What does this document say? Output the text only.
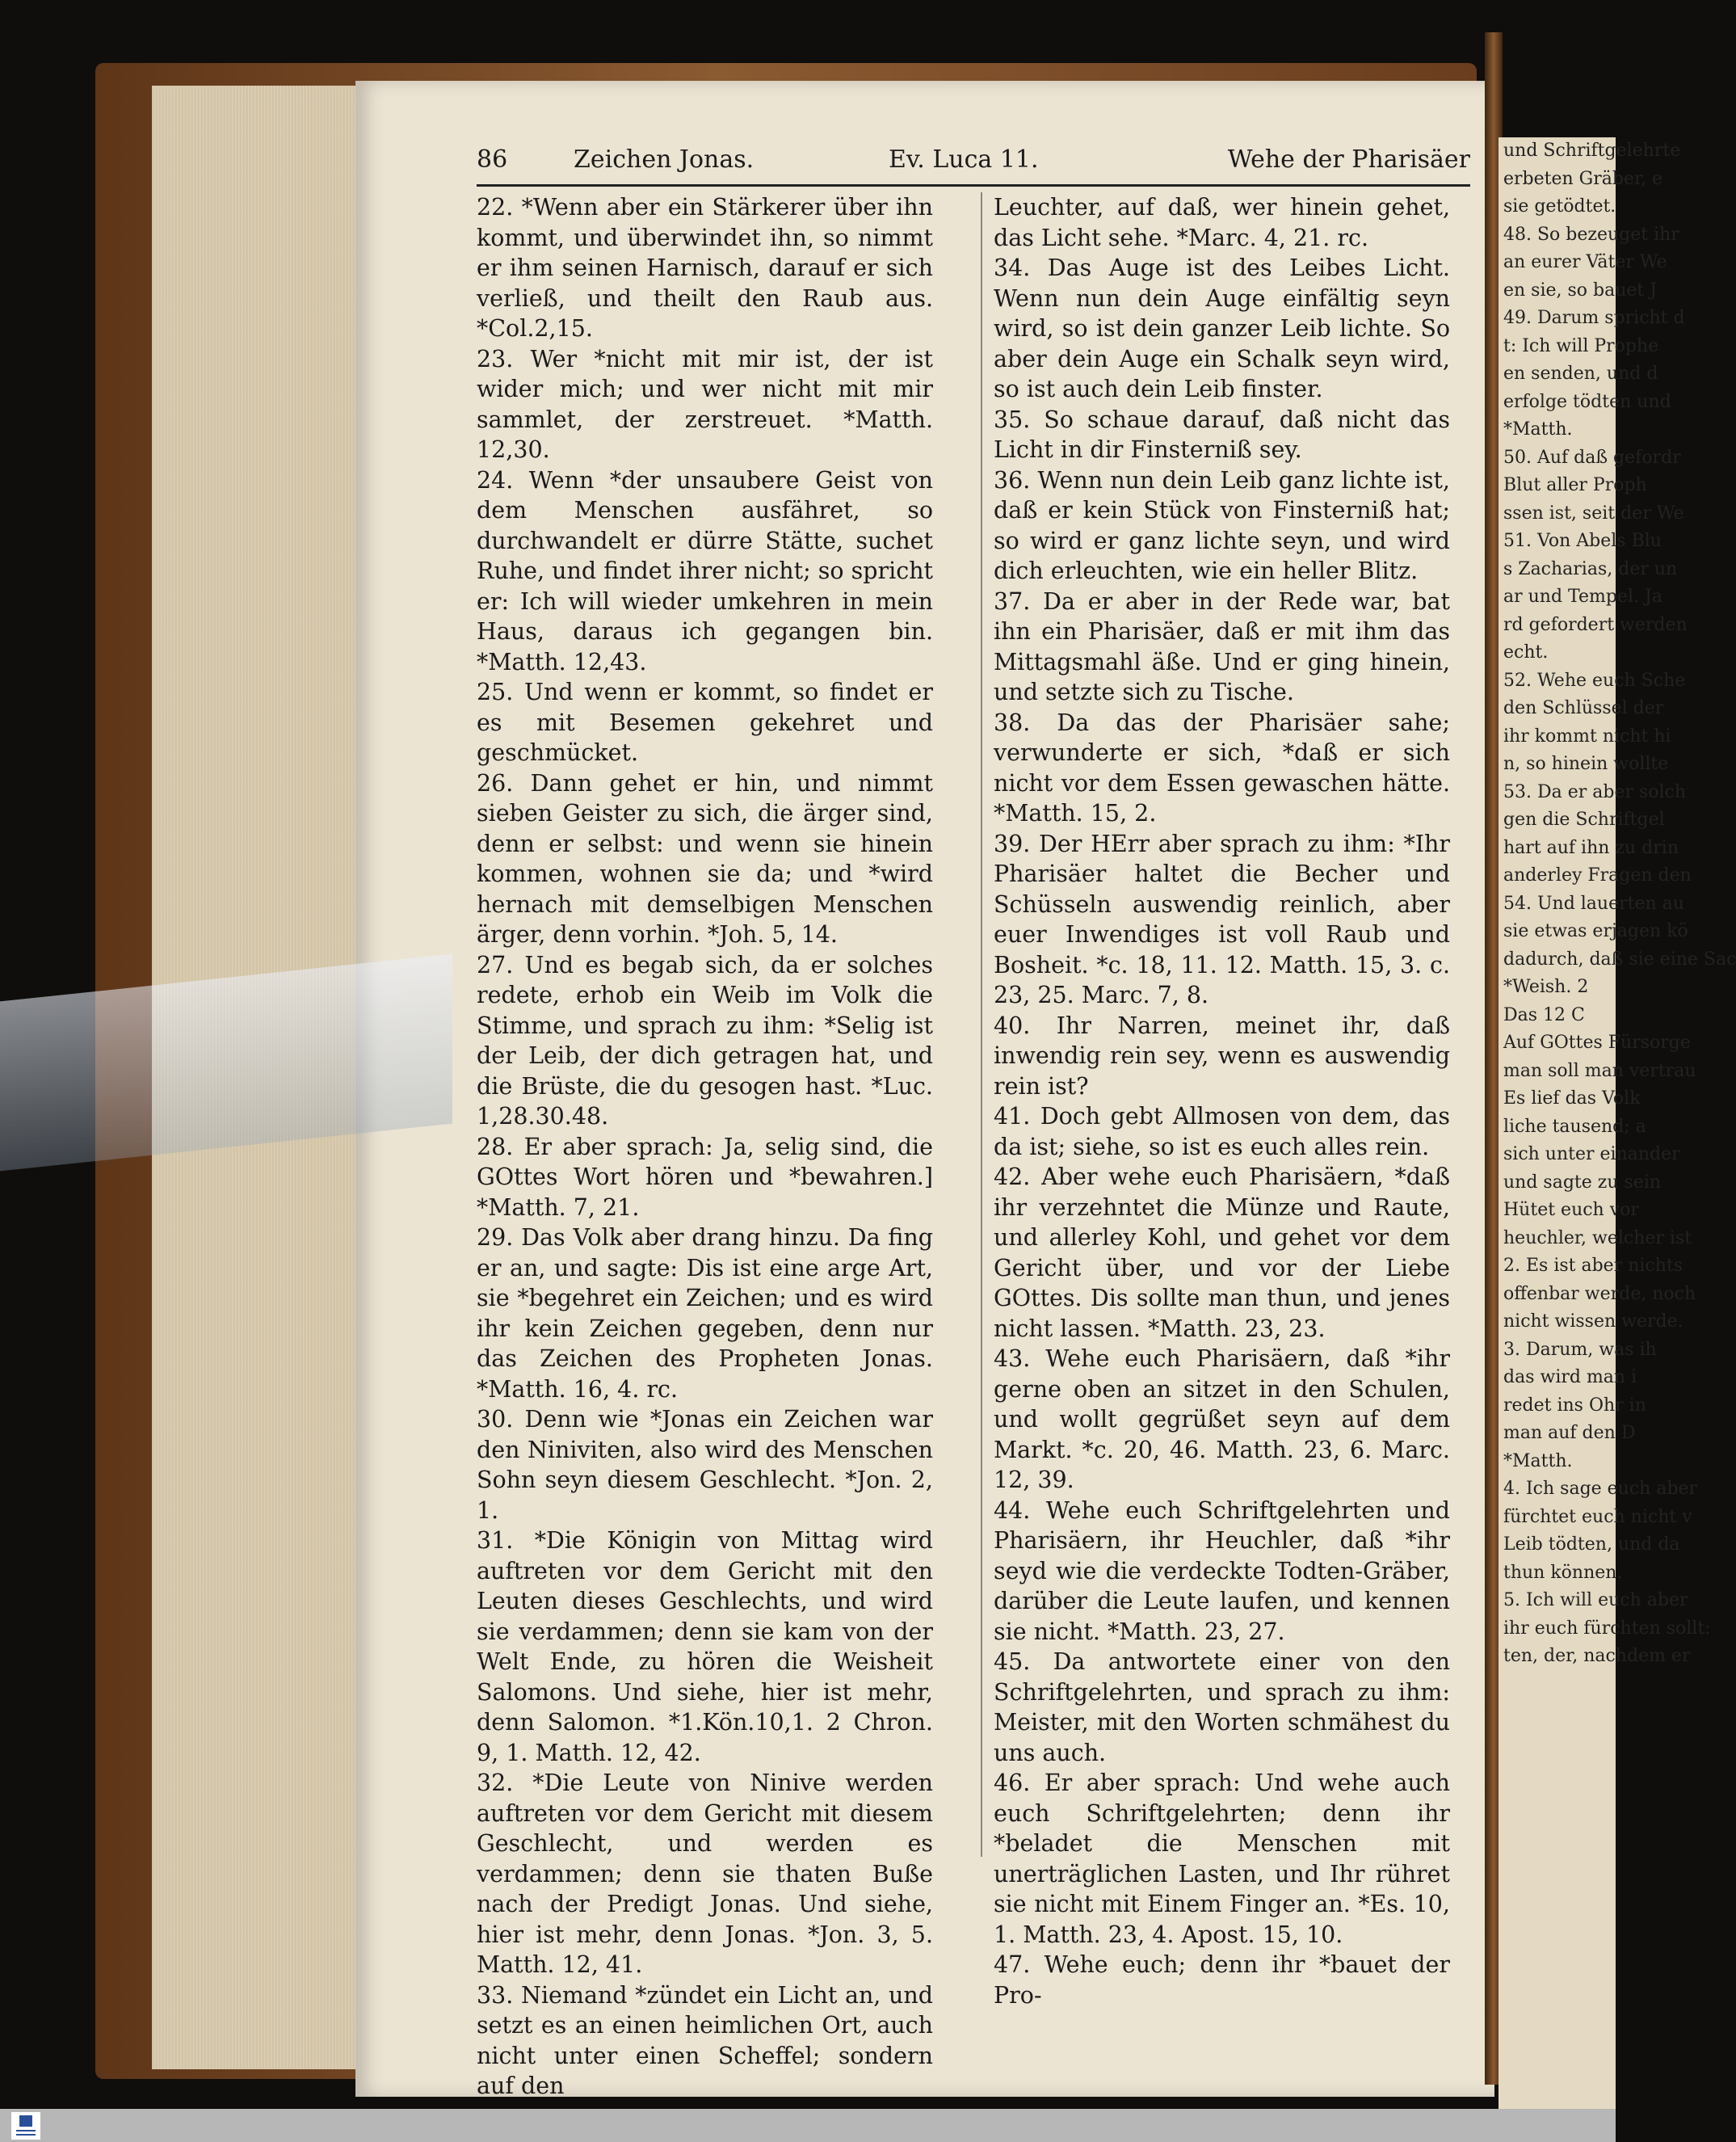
und Schriftgelehrte
erbeten Gräber, e
sie getödtet.
48. So bezeuget ihr
an eurer Väter We
en sie, so bauet J
49. Darum spricht d
t: Ich will Prophe
en senden, und d
erfolge tödten und
*Matth.
50. Auf daß gefordr
Blut aller Proph
ssen ist, seit der We
51. Von Abels Blu
s Zacharias, der un
ar und Tempel. Ja
rd gefordert werden
echt.
52. Wehe euch Sche
den Schlüssel der
ihr kommt nicht hi
n, so hinein wollte
53. Da er aber solch
gen die Schriftgel
hart auf ihn zu drin
anderley Fragen den
54. Und lauerten au
sie etwas erjagen kö
dadurch, daß sie eine Sac
*Weish. 2
Das 12 C
Auf GOttes Fürsorge
man soll man vertrau
Es lief das Volk
liche tausend; a
sich unter einander
und sagte zu sein
Hütet euch vor
heuchler, welcher ist
2. Es ist aber nichts
offenbar werde, noch
nicht wissen werde.
3. Darum, was ih
das wird man i
redet ins Ohr in
man auf den D
*Matth.
4. Ich sage euch aber
fürchtet euch nicht v
Leib tödten, und da
thun können.
5. Ich will euch aber
ihr euch fürchten sollt:
ten, der, nachdem er
86	Zeichen Jonas.	Ev. Luca 11.	Wehe der Pharisäer

22. *Wenn aber ein Stärkerer über ihn kommt, und überwindet ihn, so nimmt er ihm seinen Harnisch, darauf er sich verließ, und theilt den Raub aus. *Col.2,15.

23. Wer *nicht mit mir ist, der ist wider mich; und wer nicht mit mir sammlet, der zerstreuet. *Matth. 12,30.

24. Wenn *der unsaubere Geist von dem Menschen ausfähret, so durchwandelt er dürre Stätte, suchet Ruhe, und findet ihrer nicht; so spricht er: Ich will wieder umkehren in mein Haus, daraus ich gegangen bin. *Matth. 12,43.

25. Und wenn er kommt, so findet er es mit Besemen gekehret und geschmücket.

26. Dann gehet er hin, und nimmt sieben Geister zu sich, die ärger sind, denn er selbst: und wenn sie hinein kommen, wohnen sie da; und *wird hernach mit demselbigen Menschen ärger, denn vorhin. *Joh. 5, 14.

27. Und es begab sich, da er solches redete, erhob ein Weib im Volk die Stimme, und sprach zu ihm: *Selig ist der Leib, der dich getragen hat, und die Brüste, die du gesogen hast. *Luc. 1,28.30.48.

28. Er aber sprach: Ja, selig sind, die GOttes Wort hören und *bewahren.] *Matth. 7, 21.

29. Das Volk aber drang hinzu. Da fing er an, und sagte: Dis ist eine arge Art, sie *begehret ein Zeichen; und es wird ihr kein Zeichen gegeben, denn nur das Zeichen des Propheten Jonas. *Matth. 16, 4. rc.

30. Denn wie *Jonas ein Zeichen war den Niniviten, also wird des Menschen Sohn seyn diesem Geschlecht. *Jon. 2, 1.

31. *Die Königin von Mittag wird auftreten vor dem Gericht mit den Leuten dieses Geschlechts, und wird sie verdammen; denn sie kam von der Welt Ende, zu hören die Weisheit Salomons. Und siehe, hier ist mehr, denn Salomon. *1.Kön.10,1. 2 Chron. 9, 1. Matth. 12, 42.

32. *Die Leute von Ninive werden auftreten vor dem Gericht mit diesem Geschlecht, und werden es verdammen; denn sie thaten Buße nach der Predigt Jonas. Und siehe, hier ist mehr, denn Jonas. *Jon. 3, 5. Matth. 12, 41.

33. Niemand *zündet ein Licht an, und setzt es an einen heimlichen Ort, auch nicht unter einen Scheffel; sondern auf den

Leuchter, auf daß, wer hinein gehet, das Licht sehe. *Marc. 4, 21. rc.

34. Das Auge ist des Leibes Licht. Wenn nun dein Auge einfältig seyn wird, so ist dein ganzer Leib lichte. So aber dein Auge ein Schalk seyn wird, so ist auch dein Leib finster.

35. So schaue darauf, daß nicht das Licht in dir Finsterniß sey.

36. Wenn nun dein Leib ganz lichte ist, daß er kein Stück von Finsterniß hat; so wird er ganz lichte seyn, und wird dich erleuchten, wie ein heller Blitz.

37. Da er aber in der Rede war, bat ihn ein Pharisäer, daß er mit ihm das Mittagsmahl äße. Und er ging hinein, und setzte sich zu Tische.

38. Da das der Pharisäer sahe; verwunderte er sich, *daß er sich nicht vor dem Essen gewaschen hätte. *Matth. 15, 2.

39. Der HErr aber sprach zu ihm: *Ihr Pharisäer haltet die Becher und Schüsseln auswendig reinlich, aber euer Inwendiges ist voll Raub und Bosheit. *c. 18, 11. 12. Matth. 15, 3. c. 23, 25. Marc. 7, 8.

40. Ihr Narren, meinet ihr, daß inwendig rein sey, wenn es auswendig rein ist?

41. Doch gebt Allmosen von dem, das da ist; siehe, so ist es euch alles rein.

42. Aber wehe euch Pharisäern, *daß ihr verzehntet die Münze und Raute, und allerley Kohl, und gehet vor dem Gericht über, und vor der Liebe GOttes. Dis sollte man thun, und jenes nicht lassen. *Matth. 23, 23.

43. Wehe euch Pharisäern, daß *ihr gerne oben an sitzet in den Schulen, und wollt gegrüßet seyn auf dem Markt. *c. 20, 46. Matth. 23, 6. Marc. 12, 39.

44. Wehe euch Schriftgelehrten und Pharisäern, ihr Heuchler, daß *ihr seyd wie die verdeckte Todten-Gräber, darüber die Leute laufen, und kennen sie nicht. *Matth. 23, 27.

45. Da antwortete einer von den Schriftgelehrten, und sprach zu ihm: Meister, mit den Worten schmähest du uns auch.

46. Er aber sprach: Und wehe auch euch Schriftgelehrten; denn ihr *beladet die Menschen mit unerträglichen Lasten, und Ihr rühret sie nicht mit Einem Finger an. *Es. 10, 1. Matth. 23, 4. Apost. 15, 10.

47. Wehe euch; denn ihr *bauet der Pro-
